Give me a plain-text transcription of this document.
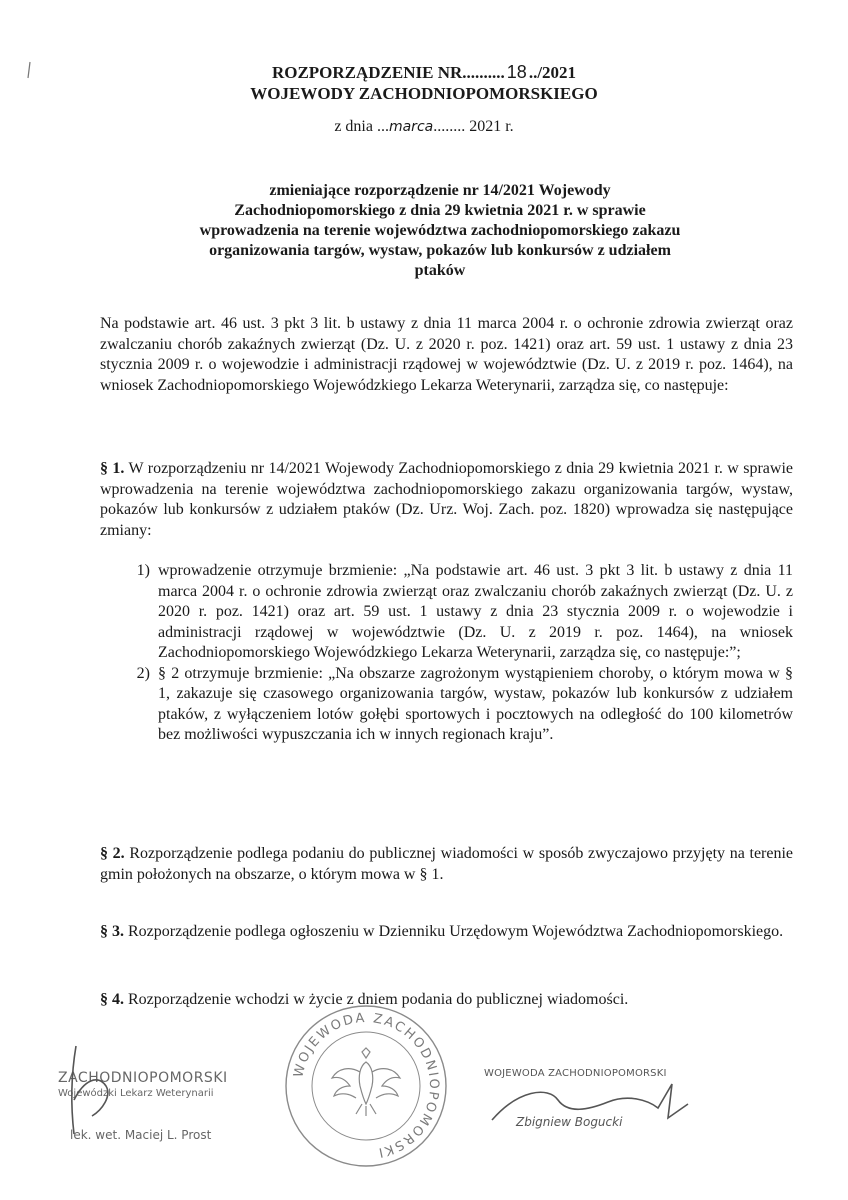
ROZPORZĄDZENIE NR.......... 18 ../2021
WOJEWODY ZACHODNIOPOMORSKIEGO
z dnia ...marca........ 2021 r.
zmieniające rozporządzenie nr 14/2021 Wojewody Zachodniopomorskiego z dnia 29 kwietnia 2021 r. w sprawie wprowadzenia na terenie województwa zachodniopomorskiego zakazu organizowania targów, wystaw, pokazów lub konkursów z udziałem ptaków
Na podstawie art. 46 ust. 3 pkt 3 lit. b ustawy z dnia 11 marca 2004 r. o ochronie zdrowia zwierząt oraz zwalczaniu chorób zakaźnych zwierząt (Dz. U. z 2020 r. poz. 1421) oraz art. 59 ust. 1 ustawy z dnia 23 stycznia 2009 r. o wojewodzie i administracji rządowej w województwie (Dz. U. z 2019 r. poz. 1464), na wniosek Zachodniopomorskiego Wojewódzkiego Lekarza Weterynarii, zarządza się, co następuje:
§ 1. W rozporządzeniu nr 14/2021 Wojewody Zachodniopomorskiego z dnia 29 kwietnia 2021 r. w sprawie wprowadzenia na terenie województwa zachodniopomorskiego zakazu organizowania targów, wystaw, pokazów lub konkursów z udziałem ptaków (Dz. Urz. Woj. Zach. poz. 1820) wprowadza się następujące zmiany:
1) wprowadzenie otrzymuje brzmienie: „Na podstawie art. 46 ust. 3 pkt 3 lit. b ustawy z dnia 11 marca 2004 r. o ochronie zdrowia zwierząt oraz zwalczaniu chorób zakaźnych zwierząt (Dz. U. z 2020 r. poz. 1421) oraz art. 59 ust. 1 ustawy z dnia 23 stycznia 2009 r. o wojewodzie i administracji rządowej w województwie (Dz. U. z 2019 r. poz. 1464), na wniosek Zachodniopomorskiego Wojewódzkiego Lekarza Weterynarii, zarządza się, co następuje:”;
2) § 2 otrzymuje brzmienie: „Na obszarze zagrożonym wystąpieniem choroby, o którym mowa w § 1, zakazuje się czasowego organizowania targów, wystaw, pokazów lub konkursów z udziałem ptaków, z wyłączeniem lotów gołębi sportowych i pocztowych na odległość do 100 kilometrów bez możliwości wypuszczania ich w innych regionach kraju”.
§ 2. Rozporządzenie podlega podaniu do publicznej wiadomości w sposób zwyczajowo przyjęty na terenie gmin położonych na obszarze, o którym mowa w § 1.
§ 3. Rozporządzenie podlega ogłoszeniu w Dzienniku Urzędowym Województwa Zachodniopomorskiego.
§ 4. Rozporządzenie wchodzi w życie z dniem podania do publicznej wiadomości.
WOJEWODA ZACHODNIOPOMORSKI
ZACHODNIOPOMORSKI
Wojewódzki Lekarz Weterynarii
lek. wet. Maciej L. Prost
WOJEWODA ZACHODNIOPOMORSKI
Zbigniew Bogucki
